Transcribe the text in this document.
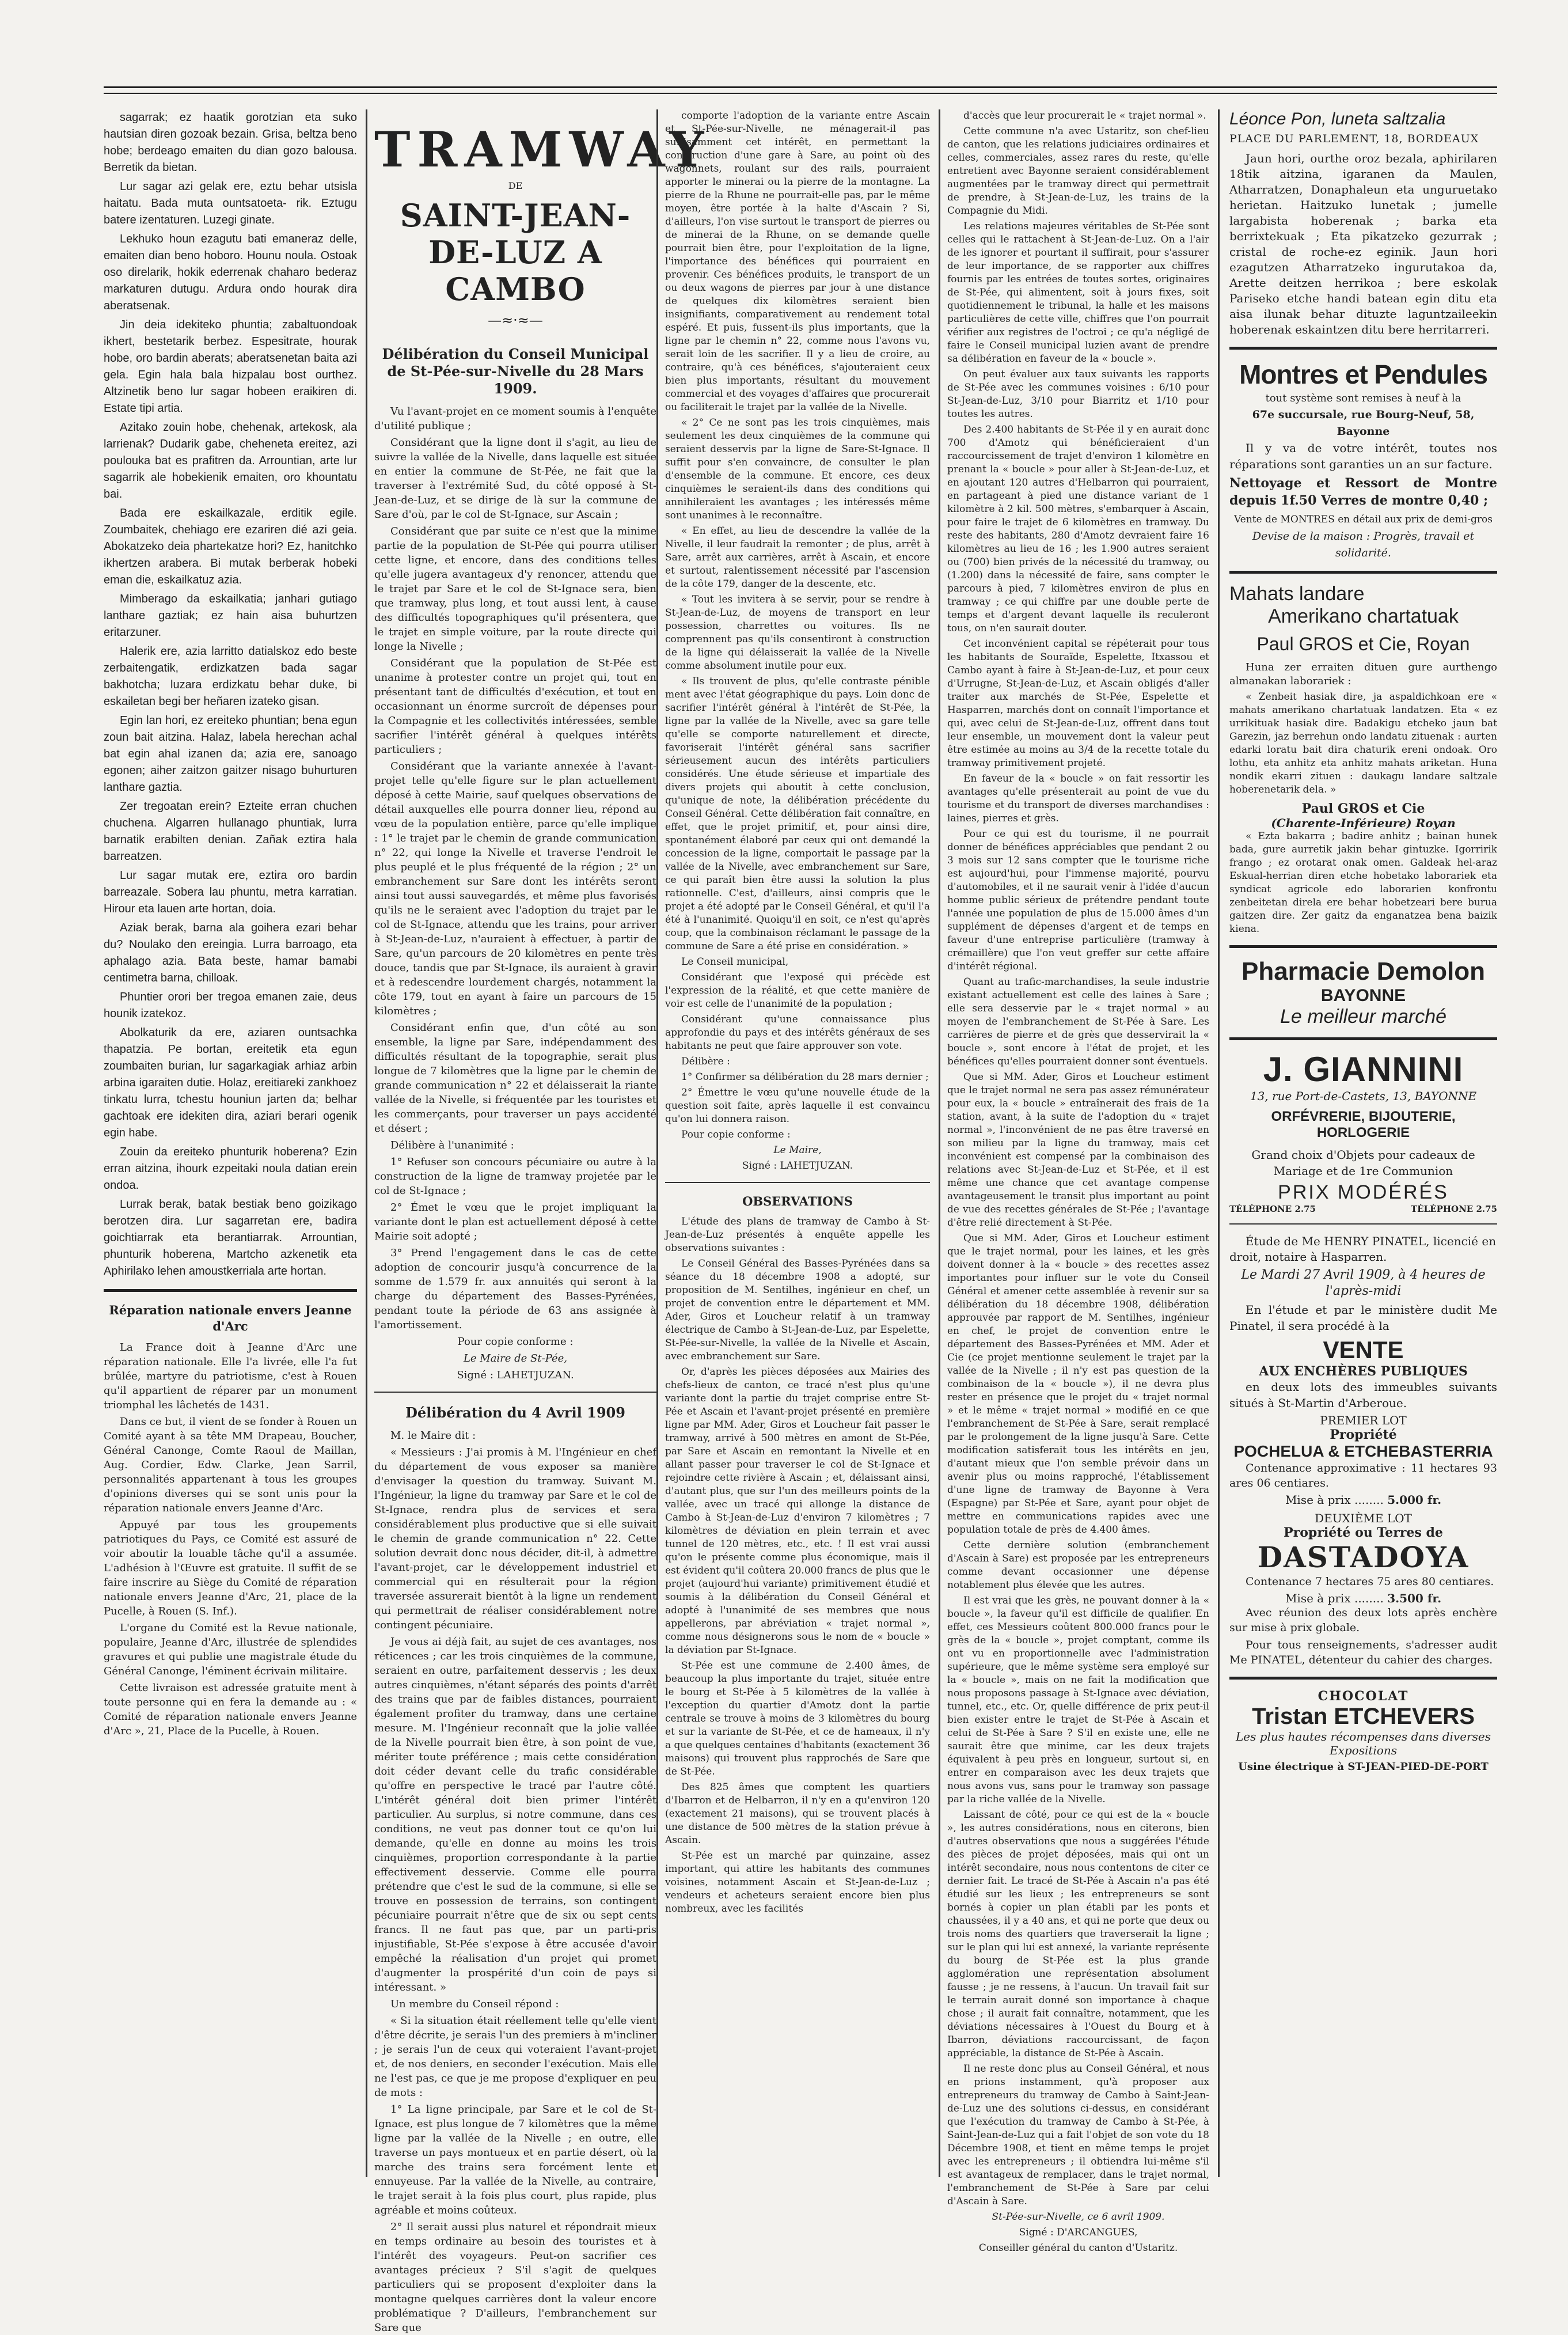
sagarrak; ez haatik gorotzian eta suko hautsian diren gozoak bezain. Grisa, beltza beno hobe; berdeago emaiten du dian gozo balousa. Berretik da bietan.

Lur sagar azi gelak ere, eztu behar utsisla haitatu. Bada muta ountsatoeta- rik. Eztugu batere izentaturen. Luzegi ginate.

Lekhuko houn ezagutu bati emaneraz delle, emaiten dian beno hoboro. Hounu noula. Ostoak oso direlarik, hokik ederrenak chaharo bederaz markaturen dutugu. Ardura ondo hourak dira aberatsenak.

Jin deia idekiteko phuntia; zabaltuondoak ikhert, bestetarik berbez. Espesitrate, hourak hobe, oro bardin aberats; aberatsenetan baita azi gela. Egin hala bala hizpalau bost ourthez. Altzinetik beno lur sagar hobeen eraikiren di. Estate tipi artia.

Azitako zouin hobe, chehenak, artekosk, ala larrienak? Dudarik gabe, cheheneta ereitez, azi poulouka bat es prafitren da. Arrountian, arte lur sagarrik ale hobekienik emaiten, oro khountatu bai.

Bada ere eskailkazale, erditik egile. Zoumbaitek, chehiago ere ezariren dié azi geia. Abokatzeko deia phartekatze hori? Ez, hanitchko ikhertzen arabera. Bi mutak berberak hobeki eman die, eskailkatuz azia.

Mimberago da eskailkatia; janhari gutiago lanthare gaztiak; ez hain aisa buhurtzen eritarzuner.

Halerik ere, azia larritto datialskoz edo beste zerbaitengatik, erdizkatzen bada sagar bakhotcha; luzara erdizkatu behar duke, bi eskailetan begi ber heñaren izateko gisan.

Egin lan hori, ez ereiteko phuntian; bena egun zoun bait aitzina. Halaz, labela herechan achal bat egin ahal izanen da; azia ere, sanoago egonen; aiher zaitzon gaitzer nisago buhurturen lanthare gaztia.

Zer tregoatan erein? Ezteite erran chuchen chuchena. Algarren hullanago phuntiak, lurra barnatik erabilten denian. Zañak eztira hala barreatzen.

Lur sagar mutak ere, eztira oro bardin barreazale. Sobera lau phuntu, metra karratian. Hirour eta lauen arte hortan, doia.

Aziak berak, barna ala goihera ezari behar du? Noulako den ereingia. Lurra barroago, eta aphalago azia. Bata beste, hamar bamabi centimetra barna, chilloak.

Phuntier orori ber tregoa emanen zaie, deus hounik izatekoz.

Abolkaturik da ere, aziaren ountsachka thapatzia. Pe bortan, ereitetik eta egun zoumbaiten burian, lur sagarkagiak arhiaz arbin arbina igaraiten dutie. Holaz, ereitiareki zankhoez tinkatu lurra, tchestu houniun jarten da; belhar gachtoak ere idekiten dira, aziari berari ogenik egin habe.

Zouin da ereiteko phunturik hoberena? Ezin erran aitzina, ihourk ezpeitaki noula datian erein ondoa.

Lurrak berak, batak bestiak beno goizikago berotzen dira. Lur sagarretan ere, badira goichtiarrak eta berantiarrak. Arrountian, phunturik hoberena, Martcho azkenetik eta Aphirilako lehen amoustkerriala arte hortan.

Réparation nationale envers Jeanne d'Arc

La France doit à Jeanne d'Arc une réparation nationale. Elle l'a livrée, elle l'a fut brûlée, martyre du patriotisme, c'est à Rouen qu'il appartient de réparer par un monument triomphal les lâchetés de 1431.

Dans ce but, il vient de se fonder à Rouen un Comité ayant à sa tête MM Drapeau, Boucher, Général Canonge, Comte Raoul de Maillan, Aug. Cordier, Edw. Clarke, Jean Sarril, personnalités appartenant à tous les groupes d'opinions diverses qui se sont unis pour la réparation nationale envers Jeanne d'Arc.

Appuyé par tous les groupements patriotiques du Pays, ce Comité est assuré de voir aboutir la louable tâche qu'il a assumée. L'adhésion à l'Œuvre est gratuite. Il suffit de se faire inscrire au Siège du Comité de réparation nationale envers Jeanne d'Arc, 21, place de la Pucelle, à Rouen (S. Inf.).

L'organe du Comité est la Revue nationale, populaire, Jeanne d'Arc, illustrée de splendides gravures et qui publie une magistrale étude du Général Canonge, l'éminent écrivain militaire.

Cette livraison est adressée gratuite ment à toute personne qui en fera la demande au : « Comité de réparation nationale envers Jeanne d'Arc », 21, Place de la Pucelle, à Rouen.

TRAMWAY
DE
SAINT-JEAN-DE-LUZ A CAMBO
—≈·≈—
Délibération du Conseil Municipal de St-Pée-sur-Nivelle du 28 Mars 1909.

Vu l'avant-projet en ce moment soumis à l'enquête d'utilité publique ;

Considérant que la ligne dont il s'agit, au lieu de suivre la vallée de la Nivelle, dans laquelle est située en entier la commune de St-Pée, ne fait que la traverser à l'extrémité Sud, du côté opposé à St-Jean-de-Luz, et se dirige de là sur la commune de Sare d'où, par le col de St-Ignace, sur Ascain ;

Considérant que par suite ce n'est que la minime partie de la population de St-Pée qui pourra utiliser cette ligne, et encore, dans des conditions telles qu'elle jugera avantageux d'y renoncer, attendu que le trajet par Sare et le col de St-Ignace sera, bien que tramway, plus long, et tout aussi lent, à cause des difficultés topographiques qu'il présentera, que le trajet en simple voiture, par la route directe qui longe la Nivelle ;

Considérant que la population de St-Pée est unanime à protester contre un projet qui, tout en présentant tant de difficultés d'exécution, et tout en occasionnant un énorme surcroît de dépenses pour la Compagnie et les collectivités intéressées, semble sacrifier l'intérêt général à quelques intérêts particuliers ;

Considérant que la variante annexée à l'avant-projet telle qu'elle figure sur le plan actuellement déposé à cette Mairie, sauf quelques observations de détail auxquelles elle pourra donner lieu, répond au vœu de la population entière, parce qu'elle implique : 1° le trajet par le chemin de grande communication n° 22, qui longe la Nivelle et traverse l'endroit le plus peuplé et le plus fréquenté de la région ; 2° un embranchement sur Sare dont les intérêts seront ainsi tout aussi sauvegardés, et même plus favorisés qu'ils ne le seraient avec l'adoption du trajet par le col de St-Ignace, attendu que les trains, pour arriver à St-Jean-de-Luz, n'auraient à effectuer, à partir de Sare, qu'un parcours de 20 kilomètres en pente très douce, tandis que par St-Ignace, ils auraient à gravir et à redescendre lourdement chargés, notamment la côte 179, tout en ayant à faire un parcours de 15 kilomètres ;

Considérant enfin que, d'un côté au son ensemble, la ligne par Sare, indépendamment des difficultés résultant de la topographie, serait plus longue de 7 kilomètres que la ligne par le chemin de grande communication n° 22 et délaisserait la riante vallée de la Nivelle, si fréquentée par les touristes et les commerçants, pour traverser un pays accidenté et désert ;

Délibère à l'unanimité :

1° Refuser son concours pécuniaire ou autre à la construction de la ligne de tramway projetée par le col de St-Ignace ;

2° Émet le vœu que le projet impliquant la variante dont le plan est actuellement déposé à cette Mairie soit adopté ;

3° Prend l'engagement dans le cas de cette adoption de concourir jusqu'à concurrence de la somme de 1.579 fr. aux annuités qui seront à la charge du département des Basses-Pyrénées, pendant toute la période de 63 ans assignée à l'amortissement.

Pour copie conforme :

Le Maire de St-Pée,

Signé : LAHETJUZAN.

Délibération du 4 Avril 1909

M. le Maire dit :

« Messieurs : J'ai promis à M. l'Ingénieur en chef du département de vous exposer sa manière d'envisager la question du tramway. Suivant M. l'Ingénieur, la ligne du tramway par Sare et le col de St-Ignace, rendra plus de services et sera considérablement plus productive que si elle suivait le chemin de grande communication n° 22. Cette solution devrait donc nous décider, dit-il, à admettre l'avant-projet, car le développement industriel et commercial qui en résulterait pour la région traversée assurerait bientôt à la ligne un rendement qui permettrait de réaliser considérablement notre contingent pécuniaire.

Je vous ai déjà fait, au sujet de ces avantages, nos réticences ; car les trois cinquièmes de la commune, seraient en outre, parfaitement desservis ; les deux autres cinquièmes, n'étant séparés des points d'arrêt des trains que par de faibles distances, pourraient également profiter du tramway, dans une certaine mesure. M. l'Ingénieur reconnaît que la jolie vallée de la Nivelle pourrait bien être, à son point de vue, mériter toute préférence ; mais cette considération doit céder devant celle du trafic considérable qu'offre en perspective le tracé par l'autre côté. L'intérêt général doit bien primer l'intérêt particulier. Au surplus, si notre commune, dans ces conditions, ne veut pas donner tout ce qu'on lui demande, qu'elle en donne au moins les trois cinquièmes, proportion correspondante à la partie effectivement desservie. Comme elle pourra prétendre que c'est le sud de la commune, si elle se trouve en possession de terrains, son contingent pécuniaire pourrait n'être que de six ou sept cents francs. Il ne faut pas que, par un parti-pris injustifiable, St-Pée s'expose à être accusée d'avoir empêché la réalisation d'un projet qui promet d'augmenter la prospérité d'un coin de pays si intéressant. »

Un membre du Conseil répond :

« Si la situation était réellement telle qu'elle vient d'être décrite, je serais l'un des premiers à m'incliner ; je serais l'un de ceux qui voteraient l'avant-projet et, de nos deniers, en seconder l'exécution. Mais elle ne l'est pas, ce que je me propose d'expliquer en peu de mots :

1° La ligne principale, par Sare et le col de St-Ignace, est plus longue de 7 kilomètres que la même ligne par la vallée de la Nivelle ; en outre, elle traverse un pays montueux et en partie désert, où la marche des trains sera forcément lente et ennuyeuse. Par la vallée de la Nivelle, au contraire, le trajet serait à la fois plus court, plus rapide, plus agréable et moins coûteux.

2° Il serait aussi plus naturel et répondrait mieux en temps ordinaire au besoin des touristes et à l'intérêt des voyageurs. Peut-on sacrifier ces avantages précieux ? S'il s'agit de quelques particuliers qui se proposent d'exploiter dans la montagne quelques carrières dont la valeur encore problématique ? D'ailleurs, l'embranchement sur Sare que

comporte l'adoption de la variante entre Ascain et St-Pée-sur-Nivelle, ne ménagerait-il pas suffisamment cet intérêt, en permettant la construction d'une gare à Sare, au point où des wagonnets, roulant sur des rails, pourraient apporter le minerai ou la pierre de la montagne. La pierre de la Rhune ne pourrait-elle pas, par le même moyen, être portée à la halte d'Ascain ? Si, d'ailleurs, l'on vise surtout le transport de pierres ou de minerai de la Rhune, on se demande quelle pourrait bien être, pour l'exploitation de la ligne, l'importance des bénéfices qui pourraient en provenir. Ces bénéfices produits, le transport de un ou deux wagons de pierres par jour à une distance de quelques dix kilomètres seraient bien insignifiants, comparativement au rendement total espéré. Et puis, fussent-ils plus importants, que la ligne par le chemin n° 22, comme nous l'avons vu, serait loin de les sacrifier. Il y a lieu de croire, au contraire, qu'à ces bénéfices, s'ajouteraient ceux bien plus importants, résultant du mouvement commercial et des voyages d'affaires que procurerait ou faciliterait le trajet par la vallée de la Nivelle.

« 2° Ce ne sont pas les trois cinquièmes, mais seulement les deux cinquièmes de la commune qui seraient desservis par la ligne de Sare-St-Ignace. Il suffit pour s'en convaincre, de consulter le plan d'ensemble de la commune. Et encore, ces deux cinquièmes le seraient-ils dans des conditions qui annihileraient les avantages ; les intéressés même sont unanimes à le reconnaître.

« En effet, au lieu de descendre la vallée de la Nivelle, il leur faudrait la remonter ; de plus, arrêt à Sare, arrêt aux carrières, arrêt à Ascain, et encore et surtout, ralentissement nécessité par l'ascension de la côte 179, danger de la descente, etc.

« Tout les invitera à se servir, pour se rendre à St-Jean-de-Luz, de moyens de transport en leur possession, charrettes ou voitures. Ils ne comprennent pas qu'ils consentiront à construction de la ligne qui délaisserait la vallée de la Nivelle comme absolument inutile pour eux.

« Ils trouvent de plus, qu'elle contraste pénible ment avec l'état géographique du pays. Loin donc de sacrifier l'intérêt général à l'intérêt de St-Pée, la ligne par la vallée de la Nivelle, avec sa gare telle qu'elle se comporte naturellement et directe, favoriserait l'intérêt général sans sacrifier sérieusement aucun des intérêts particuliers considérés. Une étude sérieuse et impartiale des divers projets qui aboutit à cette conclusion, qu'unique de note, la délibération précédente du Conseil Général. Cette délibération fait connaître, en effet, que le projet primitif, et, pour ainsi dire, spontanément élaboré par ceux qui ont demandé la concession de la ligne, comportait le passage par la vallée de la Nivelle, avec embranchement sur Sare, ce qui paraît bien être aussi la solution la plus rationnelle. C'est, d'ailleurs, ainsi compris que le projet a été adopté par le Conseil Général, et qu'il l'a été à l'unanimité. Quoiqu'il en soit, ce n'est qu'après coup, que la combinaison réclamant le passage de la commune de Sare a été prise en considération. »

Le Conseil municipal,

Considérant que l'exposé qui précède est l'expression de la réalité, et que cette manière de voir est celle de l'unanimité de la population ;

Considérant qu'une connaissance plus approfondie du pays et des intérêts généraux de ses habitants ne peut que faire approuver son vote.

Délibère :

1° Confirmer sa délibération du 28 mars dernier ;

2° Émettre le vœu qu'une nouvelle étude de la question soit faite, après laquelle il est convaincu qu'on lui donnera raison.

Pour copie conforme :

Le Maire,

Signé : LAHETJUZAN.

OBSERVATIONS

L'étude des plans de tramway de Cambo à St-Jean-de-Luz présentés à enquête appelle les observations suivantes :

Le Conseil Général des Basses-Pyrénées dans sa séance du 18 décembre 1908 a adopté, sur proposition de M. Sentilhes, ingénieur en chef, un projet de convention entre le département et MM. Ader, Giros et Loucheur relatif à un tramway électrique de Cambo à St-Jean-de-Luz, par Espelette, St-Pée-sur-Nivelle, la vallée de la Nivelle et Ascain, avec embranchement sur Sare.

Or, d'après les pièces déposées aux Mairies des chefs-lieux de canton, ce tracé n'est plus qu'une variante dont la partie du trajet comprise entre St-Pée et Ascain et l'avant-projet présenté en première ligne par MM. Ader, Giros et Loucheur fait passer le tramway, arrivé à 500 mètres en amont de St-Pée, par Sare et Ascain en remontant la Nivelle et en allant passer pour traverser le col de St-Ignace et rejoindre cette rivière à Ascain ; et, délaissant ainsi, d'autant plus, que sur l'un des meilleurs points de la vallée, avec un tracé qui allonge la distance de Cambo à St-Jean-de-Luz d'environ 7 kilomètres ; 7 kilomètres de déviation en plein terrain et avec tunnel de 120 mètres, etc., etc. ! Il est vrai aussi qu'on le présente comme plus économique, mais il est évident qu'il coûtera 20.000 francs de plus que le projet (aujourd'hui variante) primitivement étudié et soumis à la délibération du Conseil Général et adopté à l'unanimité de ses membres que nous appellerons, par abréviation « trajet normal », comme nous désignerons sous le nom de « boucle » la déviation par St-Ignace.

St-Pée est une commune de 2.400 âmes, de beaucoup la plus importante du trajet, située entre le bourg et St-Pée à 5 kilomètres de la vallée à l'exception du quartier d'Amotz dont la partie centrale se trouve à moins de 3 kilomètres du bourg et sur la variante de St-Pée, et ce de hameaux, il n'y a que quelques centaines d'habitants (exactement 36 maisons) qui trouvent plus rapprochés de Sare que de St-Pée.

Des 825 âmes que comptent les quartiers d'Ibarron et de Helbarron, il n'y en a qu'environ 120 (exactement 21 maisons), qui se trouvent placés à une distance de 500 mètres de la station prévue à Ascain.

St-Pée est un marché par quinzaine, assez important, qui attire les habitants des communes voisines, notamment Ascain et St-Jean-de-Luz ; vendeurs et acheteurs seraient encore bien plus nombreux, avec les facilités

d'accès que leur procurerait le « trajet normal ».

Cette commune n'a avec Ustaritz, son chef-lieu de canton, que les relations judiciaires ordinaires et celles, commerciales, assez rares du reste, qu'elle entretient avec Bayonne seraient considérablement augmentées par le tramway direct qui permettrait de prendre, à St-Jean-de-Luz, les trains de la Compagnie du Midi.

Les relations majeures véritables de St-Pée sont celles qui le rattachent à St-Jean-de-Luz. On a l'air de les ignorer et pourtant il suffirait, pour s'assurer de leur importance, de se rapporter aux chiffres fournis par les entrées de toutes sortes, originaires de St-Pée, qui alimentent, soit à jours fixes, soit quotidiennement le tribunal, la halle et les maisons particulières de cette ville, chiffres que l'on pourrait vérifier aux registres de l'octroi ; ce qu'a négligé de faire le Conseil municipal luzien avant de prendre sa délibération en faveur de la « boucle ».

On peut évaluer aux taux suivants les rapports de St-Pée avec les communes voisines : 6/10 pour St-Jean-de-Luz, 3/10 pour Biarritz et 1/10 pour toutes les autres.

Des 2.400 habitants de St-Pée il y en aurait donc 700 d'Amotz qui bénéficieraient d'un raccourcissement de trajet d'environ 1 kilomètre en prenant la « boucle » pour aller à St-Jean-de-Luz, et en ajoutant 120 autres d'Helbarron qui pourraient, en partageant à pied une distance variant de 1 kilomètre à 2 kil. 500 mètres, s'embarquer à Ascain, pour faire le trajet de 6 kilomètres en tramway. Du reste des habitants, 280 d'Amotz devraient faire 16 kilomètres au lieu de 16 ; les 1.900 autres seraient ou (700) bien privés de la nécessité du tramway, ou (1.200) dans la nécessité de faire, sans compter le parcours à pied, 7 kilomètres environ de plus en tramway ; ce qui chiffre par une double perte de temps et d'argent devant laquelle ils reculeront tous, on n'en saurait douter.

Cet inconvénient capital se répéterait pour tous les habitants de Souraïde, Espelette, Itxassou et Cambo ayant à faire à St-Jean-de-Luz, et pour ceux d'Urrugne, St-Jean-de-Luz, et Ascain obligés d'aller traiter aux marchés de St-Pée, Espelette et Hasparren, marchés dont on connaît l'importance et qui, avec celui de St-Jean-de-Luz, offrent dans tout leur ensemble, un mouvement dont la valeur peut être estimée au moins au 3/4 de la recette totale du tramway primitivement projeté.

En faveur de la « boucle » on fait ressortir les avantages qu'elle présenterait au point de vue du tourisme et du transport de diverses marchandises : laines, pierres et grès.

Pour ce qui est du tourisme, il ne pourrait donner de bénéfices appréciables que pendant 2 ou 3 mois sur 12 sans compter que le tourisme riche est aujourd'hui, pour l'immense majorité, pourvu d'automobiles, et il ne saurait venir à l'idée d'aucun homme public sérieux de prétendre pendant toute l'année une population de plus de 15.000 âmes d'un supplément de dépenses d'argent et de temps en faveur d'une entreprise particulière (tramway à crémaillère) que l'on veut greffer sur cette affaire d'intérêt régional.

Quant au trafic-marchandises, la seule industrie existant actuellement est celle des laines à Sare ; elle sera desservie par le « trajet normal » au moyen de l'embranchement de St-Pée à Sare. Les carrières de pierre et de grès que desservirait la « boucle », sont encore à l'état de projet, et les bénéfices qu'elles pourraient donner sont éventuels.

Que si MM. Ader, Giros et Loucheur estiment que le trajet normal ne sera pas assez rémunérateur pour eux, la « boucle » entraînerait des frais de 1a station, avant, à la suite de l'adoption du « trajet normal », l'inconvénient de ne pas être traversé en son milieu par la ligne du tramway, mais cet inconvénient est compensé par la combinaison des relations avec St-Jean-de-Luz et St-Pée, et il est même une chance que cet avantage compense avantageusement le transit plus important au point de vue des recettes générales de St-Pée ; l'avantage d'être relié directement à St-Pée.

Que si MM. Ader, Giros et Loucheur estiment que le trajet normal, pour les laines, et les grès doivent donner à la « boucle » des recettes assez importantes pour influer sur le vote du Conseil Général et amener cette assemblée à revenir sur sa délibération du 18 décembre 1908, délibération approuvée par rapport de M. Sentilhes, ingénieur en chef, le projet de convention entre le département des Basses-Pyrénées et MM. Ader et Cie (ce projet mentionne seulement le trajet par la vallée de la Nivelle ; il n'y est pas question de la combinaison de la « boucle »), il ne devra plus rester en présence que le projet du « trajet normal » et le même « trajet normal » modifié en ce que l'embranchement de St-Pée à Sare, serait remplacé par le prolongement de la ligne jusqu'à Sare. Cette modification satisferait tous les intérêts en jeu, d'autant mieux que l'on semble prévoir dans un avenir plus ou moins rapproché, l'établissement d'une ligne de tramway de Bayonne à Vera (Espagne) par St-Pée et Sare, ayant pour objet de mettre en communications rapides avec une population totale de près de 4.400 âmes.

Cette dernière solution (embranchement d'Ascain à Sare) est proposée par les entrepreneurs comme devant occasionner une dépense notablement plus élevée que les autres.

Il est vrai que les grès, ne pouvant donner à la « boucle », la faveur qu'il est difficile de qualifier. En effet, ces Messieurs coûtent 800.000 francs pour le grès de la « boucle », projet comptant, comme ils ont vu en proportionnelle avec l'administration supérieure, que le même système sera employé sur la « boucle », mais on ne fait la modification que nous proposons passage à St-Ignace avec déviation, tunnel, etc., etc. Or, quelle différence de prix peut-il bien exister entre le trajet de St-Pée à Ascain et celui de St-Pée à Sare ? S'il en existe une, elle ne saurait être que minime, car les deux trajets équivalent à peu près en longueur, surtout si, en entrer en comparaison avec les deux trajets que nous avons vus, sans pour le tramway son passage par la riche vallée de la Nivelle.

Laissant de côté, pour ce qui est de la « boucle », les autres considérations, nous en citerons, bien d'autres observations que nous a suggérées l'étude des pièces de projet déposées, mais qui ont un intérêt secondaire, nous nous contentons de citer ce dernier fait. Le tracé de St-Pée à Ascain n'a pas été étudié sur les lieux ; les entrepreneurs se sont bornés à copier un plan établi par les ponts et chaussées, il y a 40 ans, et qui ne porte que deux ou trois noms des quartiers que traverserait la ligne ; sur le plan qui lui est annexé, la variante représente du bourg de St-Pée est la plus grande agglomération une représentation absolument fausse ; je ne ressens, à l'aucun. Un travail fait sur le terrain aurait donné son importance à chaque chose ; il aurait fait connaître, notamment, que les déviations nécessaires à l'Ouest du Bourg et à Ibarron, déviations raccourcissant, de façon appréciable, la distance de St-Pée à Ascain.

Il ne reste donc plus au Conseil Général, et nous en prions instamment, qu'à proposer aux entrepreneurs du tramway de Cambo à Saint-Jean-de-Luz une des solutions ci-dessus, en considérant que l'exécution du tramway de Cambo à St-Pée, à Saint-Jean-de-Luz qui a fait l'objet de son vote du 18 Décembre 1908, et tient en même temps le projet avec les entrepreneurs ; il obtiendra lui-même s'il est avantageux de remplacer, dans le trajet normal, l'embranchement de St-Pée à Sare par celui d'Ascain à Sare.

St-Pée-sur-Nivelle, ce 6 avril 1909.

Signé : D'ARCANGUES,

Conseiller général du canton d'Ustaritz.

Léonce Pon, luneta saltzalia

PLACE DU PARLEMENT, 18, BORDEAUX

Jaun hori, ourthe oroz bezala, aphirilaren 18tik aitzina, igaranen da Maulen, Atharratzen, Donaphaleun eta unguruetako herietan. Haitzuko lunetak ; jumelle largabista hoberenak ; barka eta berrixtekuak ; Eta pikatzeko gezurrak ; cristal de roche-ez eginik. Jaun hori ezagutzen Atharratzeko ingurutakoa da, Arette deitzen herrikoa ; bere eskolak Pariseko etche handi batean egin ditu eta aisa ilunak behar dituzte laguntzaileekin hoberenak eskaintzen ditu bere herritarreri.

Montres et Pendules
tout système sont remises à neuf à la
67e succursale, rue Bourg-Neuf, 58, Bayonne

Il y va de votre intérêt, toutes nos réparations sont garanties un an sur facture.

Nettoyage et Ressort de Montre depuis 1f.50 Verres de montre 0,40 ;

Vente de MONTRES en détail aux prix de demi-gros
Devise de la maison : Progrès, travail et solidarité.
Mahats landare
Amerikano chartatuak
Paul GROS et Cie, Royan

Huna zer erraiten dituen gure aurthengo almanakan laborariek :

« Zenbeit hasiak dire, ja aspaldichkoan ere « mahats amerikano chartatuak landatzen. Eta « ez urrikituak hasiak dire. Badakigu etcheko jaun bat Garezin, jaz berrehun ondo landatu zituenak : aurten edarki loratu bait dira chaturik ereni ondoak. Oro lothu, eta anhitz eta anhitz mahats ariketan. Huna nondik ekarri zituen : daukagu landare saltzale hoberenetarik dela. »

Paul GROS et Cie
(Charente-Inférieure) Royan

« Ezta bakarra ; badire anhitz ; bainan hunek bada, gure aurretik jakin behar gintuzke. Igorririk frango ; ez orotarat onak omen. Galdeak hel-araz Eskual-herrian diren etche hobetako laborariek eta syndicat agricole edo laborarien konfrontu zenbeitetan direla ere behar hobetzeari bere burua gaitzen dire. Zer gaitz da enganatzea bena baizik kiena.

Pharmacie Demolon
BAYONNE
Le meilleur marché
J. GIANNINI
13, rue Port-de-Castets, 13, BAYONNE
ORFÉVRERIE, BIJOUTERIE,
HORLOGERIE

Grand choix d'Objets pour cadeaux de Mariage et de 1re Communion

PRIX MODÉRÉS
TÉLÉPHONE 2.75	TÉLÉPHONE 2.75

Étude de Me HENRY PINATEL, licencié en droit, notaire à Hasparren.

Le Mardi 27 Avril 1909, à 4 heures de l'après-midi

En l'étude et par le ministère dudit Me Pinatel, il sera procédé à la

VENTE
AUX ENCHÈRES PUBLIQUES

en deux lots des immeubles suivants situés à St-Martin d'Arberoue.

PREMIER LOT
Propriété
POCHELUA & ETCHEBASTERRIA

Contenance approximative : 11 hectares 93 ares 06 centiares.

Mise à prix ........ 5.000 fr.
DEUXIÈME LOT
Propriété ou Terres de
DASTADOYA

Contenance 7 hectares 75 ares 80 centiares.

Mise à prix ........ 3.500 fr.

Avec réunion des deux lots après enchère sur mise à prix globale.

Pour tous renseignements, s'adresser audit Me PINATEL, détenteur du cahier des charges.

CHOCOLAT
Tristan ETCHEVERS
Les plus hautes récompenses dans diverses Expositions
Usine électrique à ST-JEAN-PIED-DE-PORT
